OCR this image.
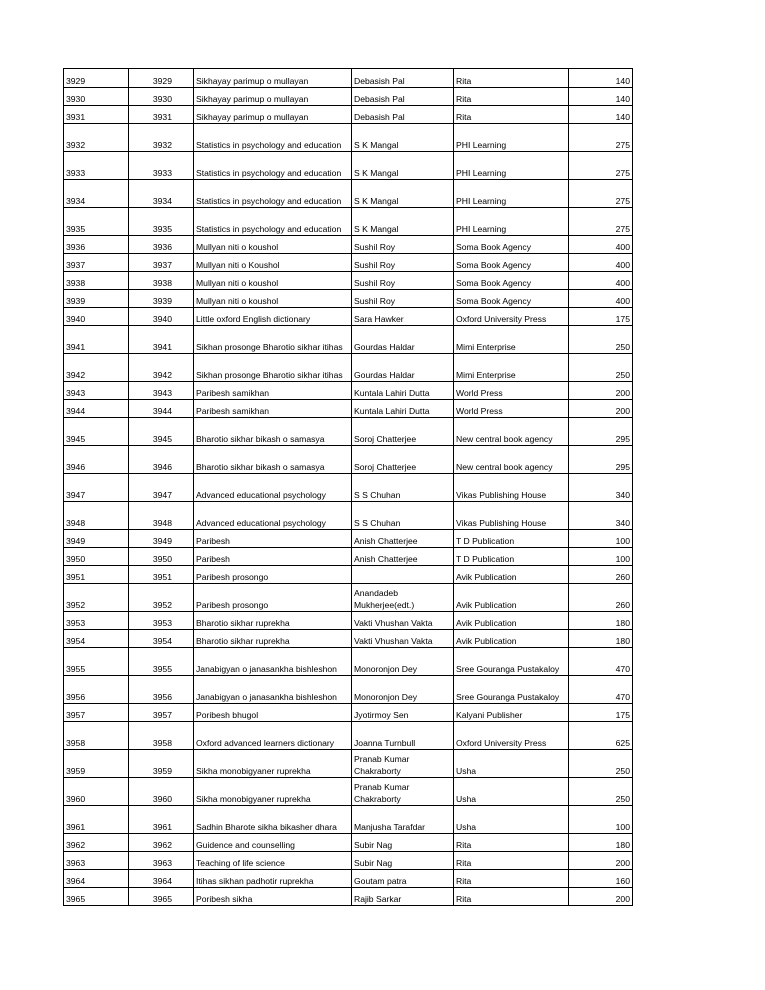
3929	3929	Sikhayay parimup o mullayan	Debasish Pal	Rita	140
3930	3930	Sikhayay parimup o mullayan	Debasish Pal	Rita	140
3931	3931	Sikhayay parimup o mullayan	Debasish Pal	Rita	140
3932	3932	Statistics in psychology and education	S K Mangal	PHI Learning	275
3933	3933	Statistics in psychology and education	S K Mangal	PHI Learning	275
3934	3934	Statistics in psychology and education	S K Mangal	PHI Learning	275
3935	3935	Statistics in psychology and education	S K Mangal	PHI Learning	275
3936	3936	Mullyan niti o koushol	Sushil Roy	Soma Book Agency	400
3937	3937	Mullyan niti o Koushol	Sushil Roy	Soma Book Agency	400
3938	3938	Mullyan niti o koushol	Sushil Roy	Soma Book Agency	400
3939	3939	Mullyan niti o koushol	Sushil Roy	Soma Book Agency	400
3940	3940	Little oxford English dictionary	Sara Hawker	Oxford University Press	175
3941	3941	Sikhan prosonge Bharotio sikhar itihas	Gourdas Haldar	Mimi Enterprise	250
3942	3942	Sikhan prosonge Bharotio sikhar itihas	Gourdas Haldar	Mimi Enterprise	250
3943	3943	Paribesh samikhan	Kuntala Lahiri Dutta	World Press	200
3944	3944	Paribesh samikhan	Kuntala Lahiri Dutta	World Press	200
3945	3945	Bharotio sikhar bikash o samasya	Soroj Chatterjee	New central book agency	295
3946	3946	Bharotio sikhar bikash o samasya	Soroj Chatterjee	New central book agency	295
3947	3947	Advanced educational psychology	S S Chuhan	Vikas Publishing House	340
3948	3948	Advanced educational psychology	S S Chuhan	Vikas Publishing House	340
3949	3949	Paribesh	Anish Chatterjee	T D Publication	100
3950	3950	Paribesh	Anish Chatterjee	T D Publication	100
3951	3951	Paribesh prosongo		Avik Publication	260
3952	3952	Paribesh prosongo	Anandadeb Mukherjee(edt.)	Avik Publication	260
3953	3953	Bharotio sikhar ruprekha	Vakti Vhushan Vakta	Avik Publication	180
3954	3954	Bharotio sikhar ruprekha	Vakti Vhushan Vakta	Avik Publication	180
3955	3955	Janabigyan o janasankha bishleshon	Monoronjon Dey	Sree Gouranga Pustakaloy	470
3956	3956	Janabigyan o janasankha bishleshon	Monoronjon Dey	Sree Gouranga Pustakaloy	470
3957	3957	Poribesh bhugol	Jyotirmoy Sen	Kalyani Publisher	175
3958	3958	Oxford advanced learners dictionary	Joanna Turnbull	Oxford University Press	625
3959	3959	Sikha monobigyaner ruprekha	Pranab Kumar Chakraborty	Usha	250
3960	3960	Sikha monobigyaner ruprekha	Pranab Kumar Chakraborty	Usha	250
3961	3961	Sadhin Bharote sikha bikasher dhara	Manjusha Tarafdar	Usha	100
3962	3962	Guidence and counselling	Subir Nag	Rita	180
3963	3963	Teaching of life science	Subir Nag	Rita	200
3964	3964	Itihas sikhan padhotir ruprekha	Goutam patra	Rita	160
3965	3965	Poribesh sikha	Rajib Sarkar	Rita	200
